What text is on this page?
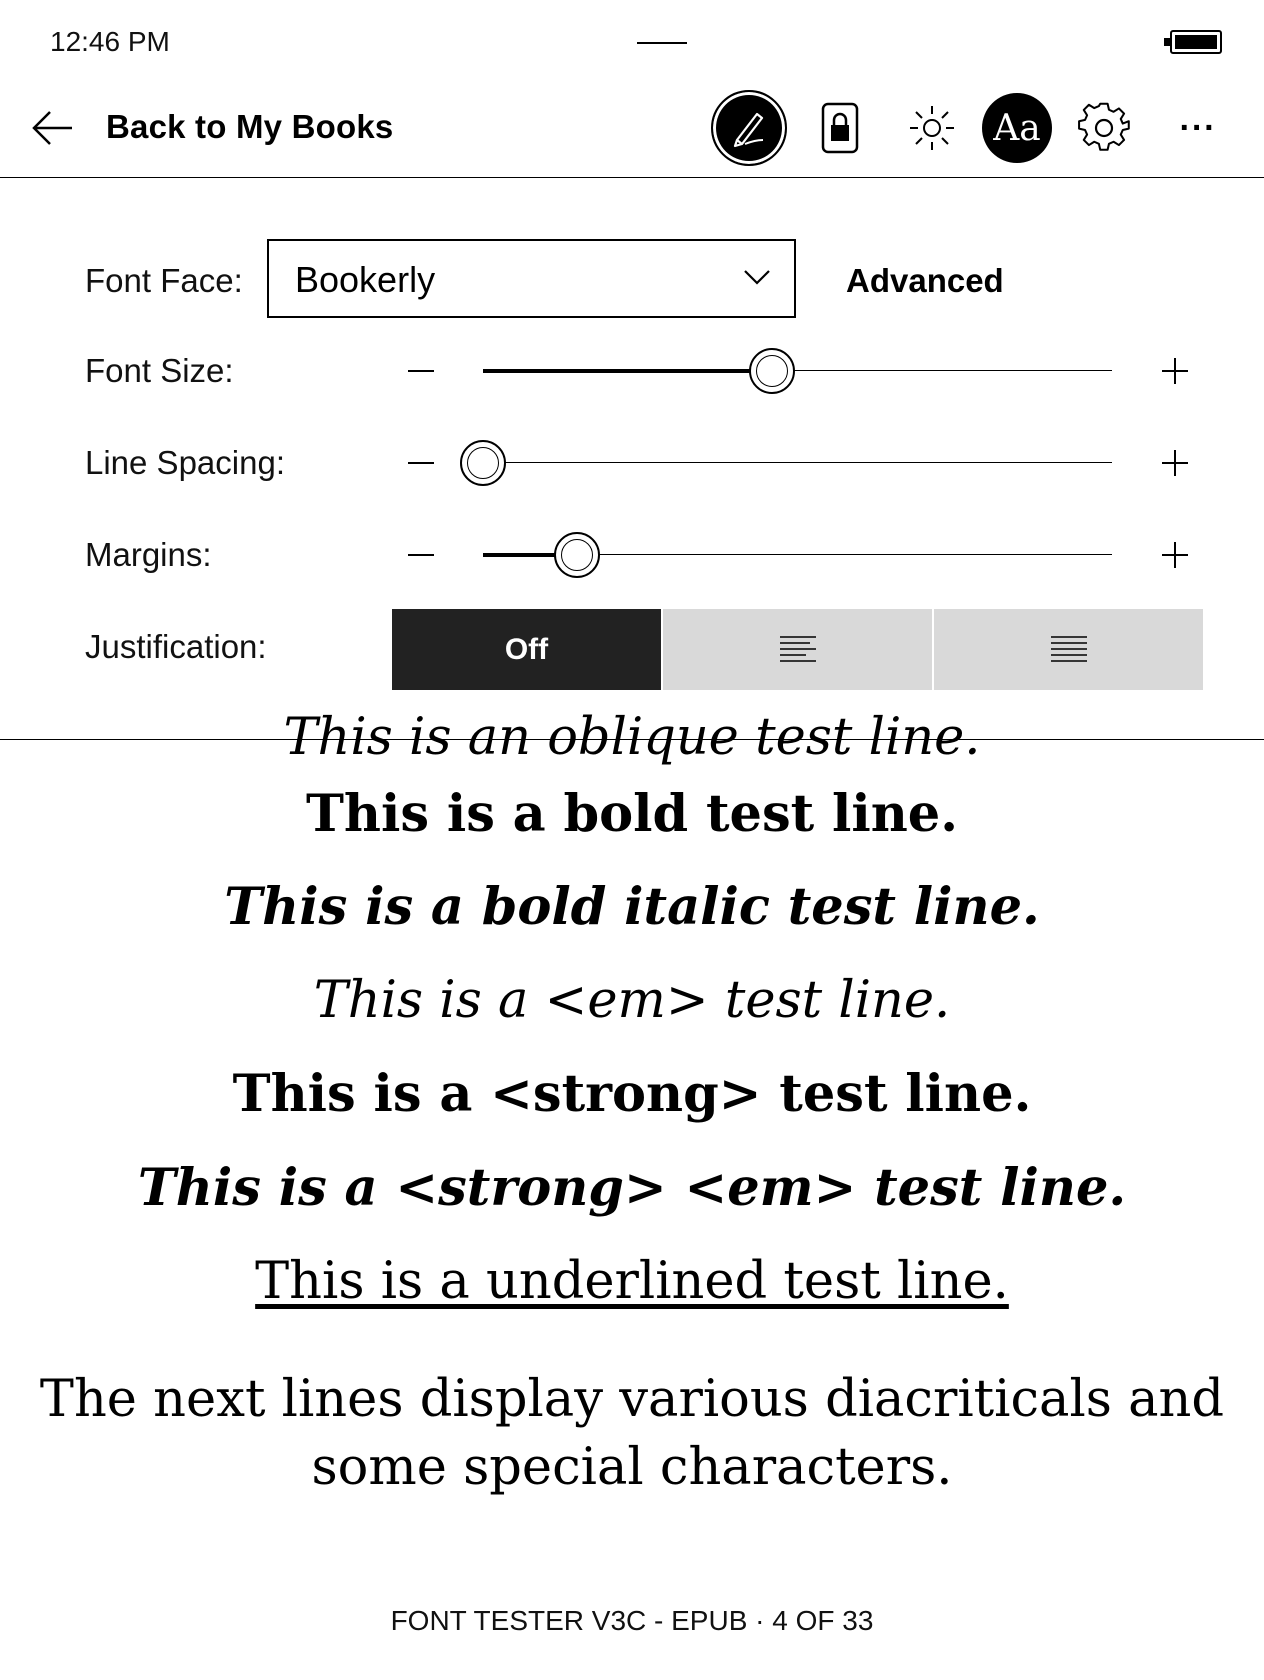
12:46 PM
Back to My Books	Aa	···
Font Face: Bookerly	Advanced
Font Size:
Line Spacing:
Margins:
Justification:	Off
This is an oblique test line.
This is a bold test line.
This is a bold italic test line.
This is a <em> test line.
This is a <strong> test line.
This is a <strong> <em> test line.
This is a underlined test line.
The next lines display various diacriticals and
some special characters.
FONT TESTER V3C - EPUB · 4 OF 33
